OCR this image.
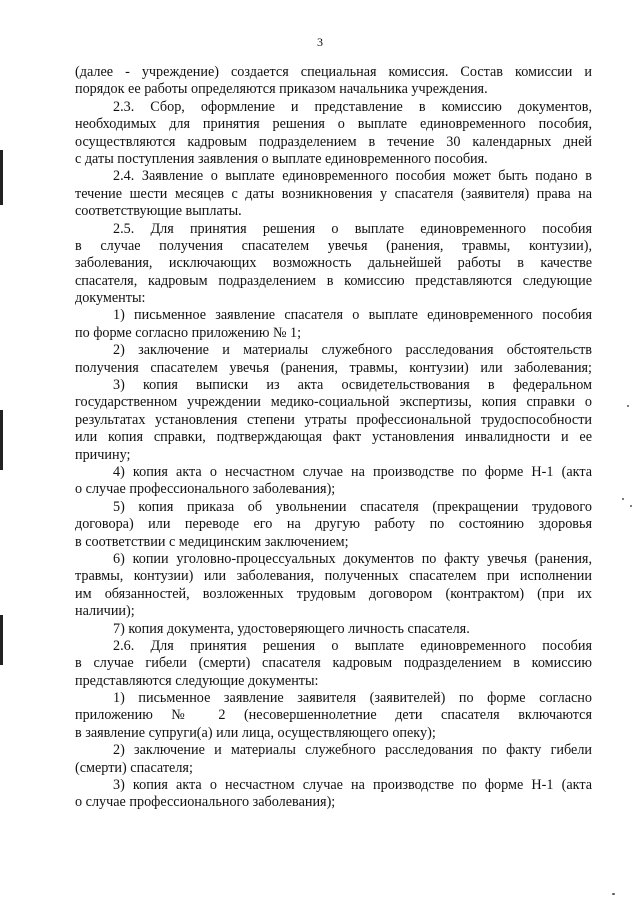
3
(далее - учреждение) создается специальная комиссия. Состав комиссии и
порядок ее работы определяются приказом начальника учреждения.
2.3. Сбор, оформление и представление в комиссию документов,
необходимых для принятия решения о выплате единовременного пособия,
осуществляются кадровым подразделением в течение 30 календарных дней
с даты поступления заявления о выплате единовременного пособия.
2.4. Заявление о выплате единовременного пособия может быть подано в
течение шести месяцев с даты возникновения у спасателя (заявителя) права на
соответствующие выплаты.
2.5. Для принятия решения о выплате единовременного пособия
в случае получения спасателем увечья (ранения, травмы, контузии),
заболевания, исключающих возможность дальнейшей работы в качестве
спасателя, кадровым подразделением в комиссию представляются следующие
документы:
1) письменное заявление спасателя о выплате единовременного пособия
по форме согласно приложению № 1;
2) заключение и материалы служебного расследования обстоятельств
получения спасателем увечья (ранения, травмы, контузии) или заболевания;
3) копия выписки из акта освидетельствования в федеральном
государственном учреждении медико-социальной экспертизы, копия справки о
результатах установления степени утраты профессиональной трудоспособности
или копия справки, подтверждающая факт установления инвалидности и ее
причину;
4) копия акта о несчастном случае на производстве по форме Н-1 (акта
о случае профессионального заболевания);
5) копия приказа об увольнении спасателя (прекращении трудового
договора) или переводе его на другую работу по состоянию здоровья
в соответствии с медицинским заключением;
6) копии уголовно-процессуальных документов по факту увечья (ранения,
травмы, контузии) или заболевания, полученных спасателем при исполнении
им обязанностей, возложенных трудовым договором (контрактом) (при их
наличии);
7) копия документа, удостоверяющего личность спасателя.
2.6. Для принятия решения о выплате единовременного пособия
в случае гибели (смерти) спасателя кадровым подразделением в комиссию
представляются следующие документы:
1) письменное заявление заявителя (заявителей) по форме согласно
приложению № 2 (несовершеннолетние дети спасателя включаются
в заявление супруги(а) или лица, осуществляющего опеку);
2) заключение и материалы служебного расследования по факту гибели
(смерти) спасателя;
3) копия акта о несчастном случае на производстве по форме Н-1 (акта
о случае профессионального заболевания);
